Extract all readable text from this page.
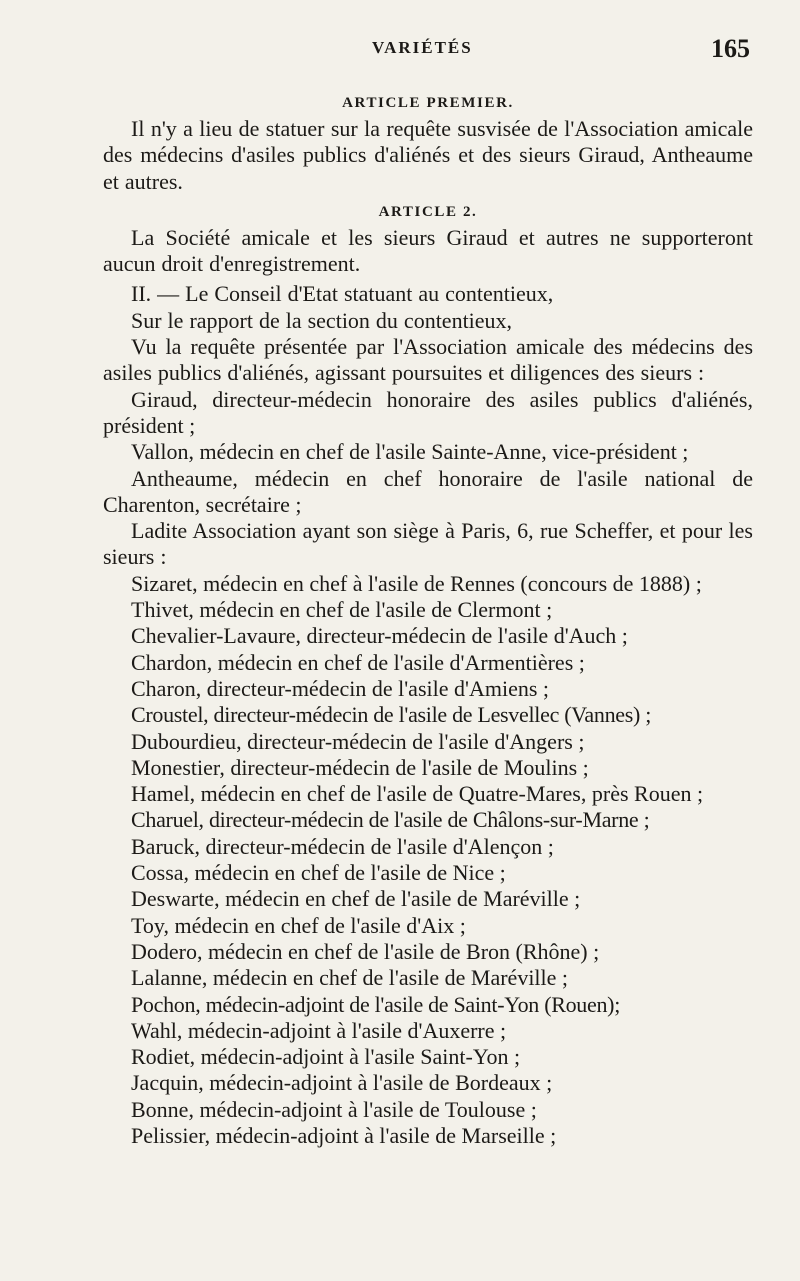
VARIÉTÉS	165

ARTICLE PREMIER.

Il n'y a lieu de statuer sur la requête susvisée de l'Association amicale des médecins d'asiles publics d'aliénés et des sieurs Giraud, Antheaume et autres.

ARTICLE 2.

La Société amicale et les sieurs Giraud et autres ne supporteront aucun droit d'enregistrement.

II. — Le Conseil d'Etat statuant au contentieux,

Sur le rapport de la section du contentieux,

Vu la requête présentée par l'Association amicale des médecins des asiles publics d'aliénés, agissant poursuites et diligences des sieurs :

Giraud, directeur-médecin honoraire des asiles publics d'aliénés, président ;

Vallon, médecin en chef de l'asile Sainte-Anne, vice-président ;

Antheaume, médecin en chef honoraire de l'asile national de Charenton, secrétaire ;

Ladite Association ayant son siège à Paris, 6, rue Scheffer, et pour les sieurs :

Sizaret, médecin en chef à l'asile de Rennes (concours de 1888) ;

Thivet, médecin en chef de l'asile de Clermont ;

Chevalier-Lavaure, directeur-médecin de l'asile d'Auch ;

Chardon, médecin en chef de l'asile d'Armentières ;

Charon, directeur-médecin de l'asile d'Amiens ;

Croustel, directeur-médecin de l'asile de Lesvellec (Vannes) ;

Dubourdieu, directeur-médecin de l'asile d'Angers ;

Monestier, directeur-médecin de l'asile de Moulins ;

Hamel, médecin en chef de l'asile de Quatre-Mares, près Rouen ;

Charuel, directeur-médecin de l'asile de Châlons-sur-Marne ;

Baruck, directeur-médecin de l'asile d'Alençon ;

Cossa, médecin en chef de l'asile de Nice ;

Deswarte, médecin en chef de l'asile de Maréville ;

Toy, médecin en chef de l'asile d'Aix ;

Dodero, médecin en chef de l'asile de Bron (Rhône) ;

Lalanne, médecin en chef de l'asile de Maréville ;

Pochon, médecin-adjoint de l'asile de Saint-Yon (Rouen);

Wahl, médecin-adjoint à l'asile d'Auxerre ;

Rodiet, médecin-adjoint à l'asile Saint-Yon ;

Jacquin, médecin-adjoint à l'asile de Bordeaux ;

Bonne, médecin-adjoint à l'asile de Toulouse ;

Pelissier, médecin-adjoint à l'asile de Marseille ;
